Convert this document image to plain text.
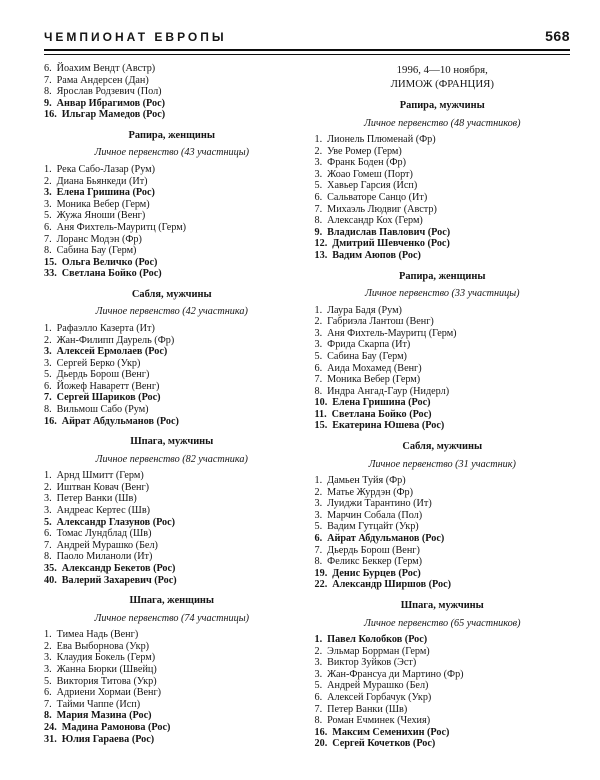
ЧЕМПИОНАТ ЕВРОПЫ	568
6. Йоахим Вендт (Австр)
7. Рама Андерсен (Дан)
8. Ярослав Родзевич (Пол)
9. Анвар Ибрагимов (Рос)
16. Ильгар Мамедов (Рос)
Рапира, женщины
Личное первенство (43 участницы)
1. Река Сабо-Лазар (Рум)
2. Диана Бьянкеди (Ит)
3. Елена Гришина (Рос)
3. Моника Вебер (Герм)
5. Жужа Яноши (Венг)
6. Аня Фихтель-Мауритц (Герм)
7. Лоранс Модэн (Фр)
8. Сабина Бау (Герм)
15. Ольга Величко (Рос)
33. Светлана Бойко (Рос)
Сабля, мужчины
Личное первенство (42 участника)
1. Рафаэлло Казерта (Ит)
2. Жан-Филипп Даурель (Фр)
3. Алексей Ермолаев (Рос)
3. Сергей Берко (Укр)
5. Дьердь Борош (Венг)
6. Йожеф Наваретт (Венг)
7. Сергей Шариков (Рос)
8. Вильмош Сабо (Рум)
16. Айрат Абдульманов (Рос)
Шпага, мужчины
Личное первенство (82 участника)
1. Арнд Шмитт (Герм)
2. Иштван Ковач (Венг)
3. Петер Ванки (Шв)
3. Андреас Кертес (Шв)
5. Александр Глазунов (Рос)
6. Томас Лундблад (Шв)
7. Андрей Мурашко (Бел)
8. Паоло Миланоли (Ит)
35. Александр Бекетов (Рос)
40. Валерий Захаревич (Рос)
Шпага, женщины
Личное первенство (74 участницы)
1. Тимеа Надь (Венг)
2. Ева Выборнова (Укр)
3. Клаудия Бокель (Герм)
3. Жанна Бюрки (Швейц)
5. Виктория Титова (Укр)
6. Адриени Хормаи (Венг)
7. Тайми Чаппе (Исп)
8. Мария Мазина (Рос)
24. Мадина Рамонова (Рос)
31. Юлия Гараева (Рос)
1996, 4—10 ноября,
ЛИМОЖ (ФРАНЦИЯ)
Рапира, мужчины
Личное первенство (48 участников)
1. Лионель Плюменай (Фр)
2. Уве Ромер (Герм)
3. Франк Боден (Фр)
3. Жоао Гомеш (Порт)
5. Хавьер Гарсия (Исп)
6. Сальваторе Санцо (Ит)
7. Михаэль Людвиг (Австр)
8. Александр Кох (Герм)
9. Владислав Павлович (Рос)
12. Дмитрий Шевченко (Рос)
13. Вадим Аюпов (Рос)
Рапира, женщины
Личное первенство (33 участницы)
1. Лаура Бадя (Рум)
2. Габриэла Лантош (Венг)
3. Аня Фихтель-Мауритц (Герм)
3. Фрида Скарпа (Ит)
5. Сабина Бау (Герм)
6. Аида Мохамед (Венг)
7. Моника Вебер (Герм)
8. Индра Ангад-Гаур (Нидерл)
10. Елена Гришина (Рос)
11. Светлана Бойко (Рос)
15. Екатерина Юшева (Рос)
Сабля, мужчины
Личное первенство (31 участник)
1. Дамьен Туйя (Фр)
2. Матье Журдэн (Фр)
3. Луиджи Тарантино (Ит)
3. Марчин Собала (Пол)
5. Вадим Гутцайт (Укр)
6. Айрат Абдульманов (Рос)
7. Дьердь Борош (Венг)
8. Феликс Беккер (Герм)
19. Денис Бурцев (Рос)
22. Александр Ширшов (Рос)
Шпага, мужчины
Личное первенство (65 участников)
1. Павел Колобков (Рос)
2. Эльмар Боррман (Герм)
3. Виктор Зуйков (Эст)
3. Жан-Франсуа ди Мартино (Фр)
5. Андрей Мурашко (Бел)
6. Алексей Горбачук (Укр)
7. Петер Ванки (Шв)
8. Роман Ечминек (Чехия)
16. Максим Семенихин (Рос)
20. Сергей Кочетков (Рос)
